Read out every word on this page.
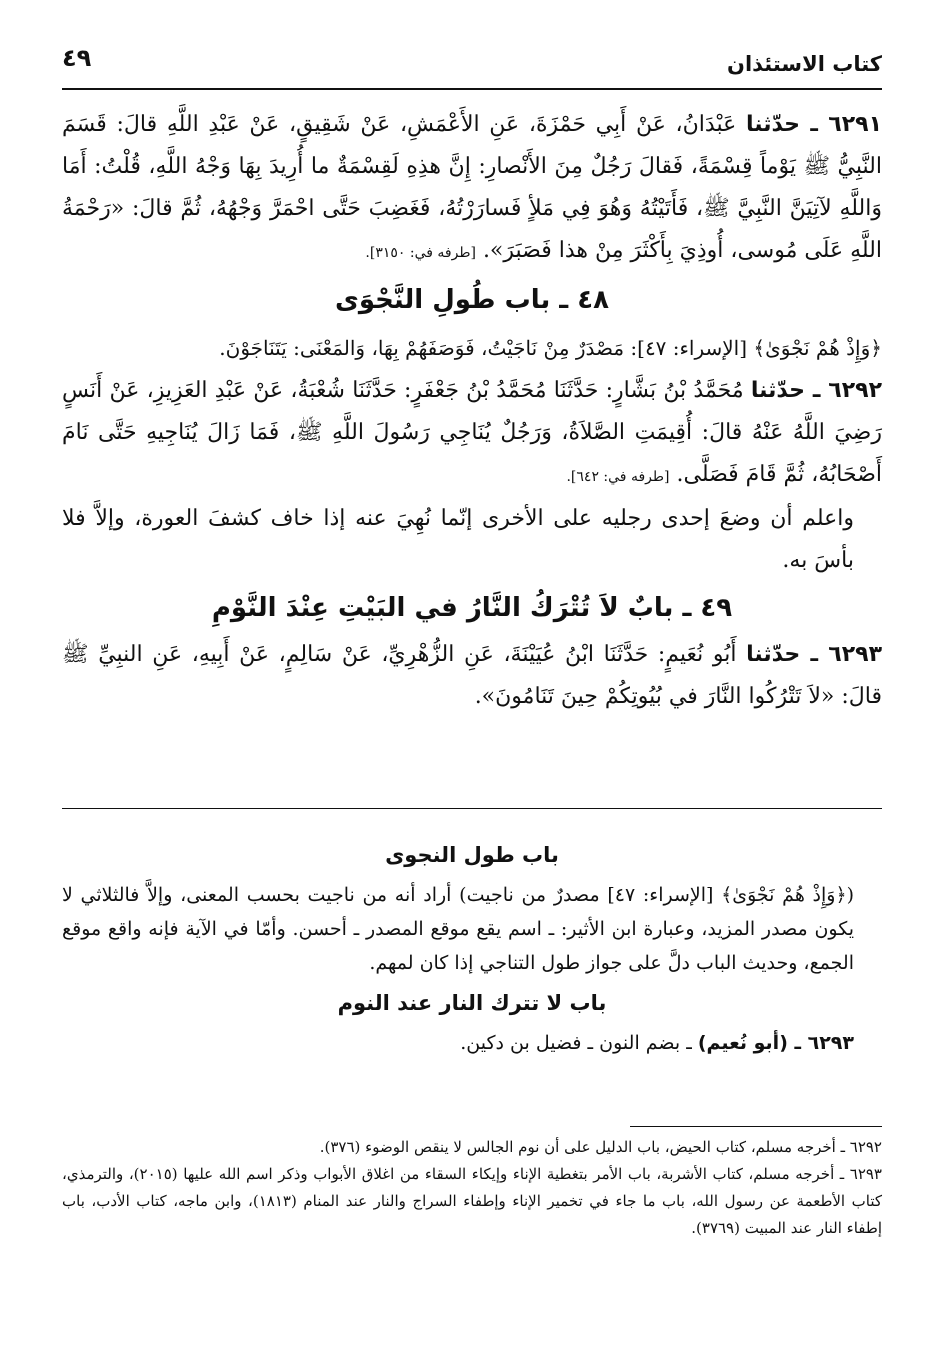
كتاب الاستئذان
٤٩

٦٢٩١ ـ حدّثنا عَبْدَانُ، عَنْ أَبِي حَمْزَةَ، عَنِ الأَعْمَشِ، عَنْ شَقِيقٍ، عَنْ عَبْدِ اللَّهِ قالَ: قَسَمَ النَّبِيُّ ﷺ يَوْماً قِسْمَةً، فَقالَ رَجُلٌ مِنَ الأَنْصارِ: إِنَّ هذِهِ لَقِسْمَةٌ ما أُرِيدَ بِهَا وَجْهُ اللَّهِ، قُلْتُ: أَمَا وَاللَّهِ لآتِيَنَّ النَّبِيَّ ﷺ، فَأَتَيْتُهُ وَهُوَ فِي مَلأٍ فَسارَرْتُهُ، فَغَضِبَ حَتَّى احْمَرَّ وَجْهُهُ، ثُمَّ قالَ: «رَحْمَةُ اللَّهِ عَلَى مُوسى، أُوذِيَ بِأَكْثَرَ مِنْ هذا فَصَبَرَ». [طرفه في: ٣١٥٠].

٤٨ ـ باب طُولِ النَّجْوَى

﴿وَإِذْ هُمْ نَجْوَىٰ﴾ [الإسراء: ٤٧]: مَصْدَرٌ مِنْ نَاجَيْتُ، فَوَصَفَهُمْ بِهَا، وَالمَعْنَى: يَتَنَاجَوْنَ.

٦٢٩٢ ـ حدّثنا مُحَمَّدُ بْنُ بَشَّارٍ: حَدَّثَنَا مُحَمَّدُ بْنُ جَعْفَرٍ: حَدَّثَنَا شُعْبَةُ، عَنْ عَبْدِ العَزِيزِ، عَنْ أَنَسٍ رَضِيَ اللَّهُ عَنْهُ قالَ: أُقِيمَتِ الصَّلاَةُ، وَرَجُلٌ يُنَاجِي رَسُولَ اللَّهِ ﷺ، فَمَا زَالَ يُنَاجِيهِ حَتَّى نَامَ أَصْحَابُهُ، ثُمَّ قَامَ فَصَلَّى. [طرفه في: ٦٤٢].

واعلم أن وضعَ إحدى رجليه على الأخرى إنّما نُهِيَ عنه إذا خاف كشفَ العورة، وإلاَّ فلا بأسَ به.

٤٩ ـ بابٌ لاَ تُتْرَكُ النَّارُ في البَيْتِ عِنْدَ النَّوْمِ

٦٢٩٣ ـ حدّثنا أَبُو نُعَيمٍ: حَدَّثَنَا ابْنُ عُيَيْنَةَ، عَنِ الزُّهْرِيِّ، عَنْ سَالِمٍ، عَنْ أَبِيهِ، عَنِ النبِيِّ ﷺ قالَ: «لاَ تَتْرُكُوا النَّارَ في بُيُوتِكُمْ حِينَ تَنَامُونَ».

باب طول النجوى

(﴿وَإِذْ هُمْ نَجْوَىٰ﴾ [الإسراء: ٤٧] مصدرٌ من ناجيت) أراد أنه من ناجيت بحسب المعنى، وإلاَّ فالثلاثي لا يكون مصدر المزيد، وعبارة ابن الأثير: ـ اسم يقع موقع المصدر ـ أحسن. وأمّا في الآية فإنه واقع موقع الجمع، وحديث الباب دلَّ على جواز طول التناجي إذا كان لمهم.

باب لا تترك النار عند النوم

٦٢٩٣ ـ (أبو نُعيم) ـ بضم النون ـ فضيل بن دكين.

٦٢٩٢ ـ أخرجه مسلم، كتاب الحيض، باب الدليل على أن نوم الجالس لا ينقص الوضوء (٣٧٦).

٦٢٩٣ ـ أخرجه مسلم، كتاب الأشربة، باب الأمر بتغطية الإناء وإيكاء السقاء من اغلاق الأبواب وذكر اسم الله عليها (٢٠١٥)، والترمذي، كتاب الأطعمة عن رسول الله، باب ما جاء في تخمير الإناء وإطفاء السراج والنار عند المنام (١٨١٣)، وابن ماجه، كتاب الأدب، باب إطفاء النار عند المبيت (٣٧٦٩).
